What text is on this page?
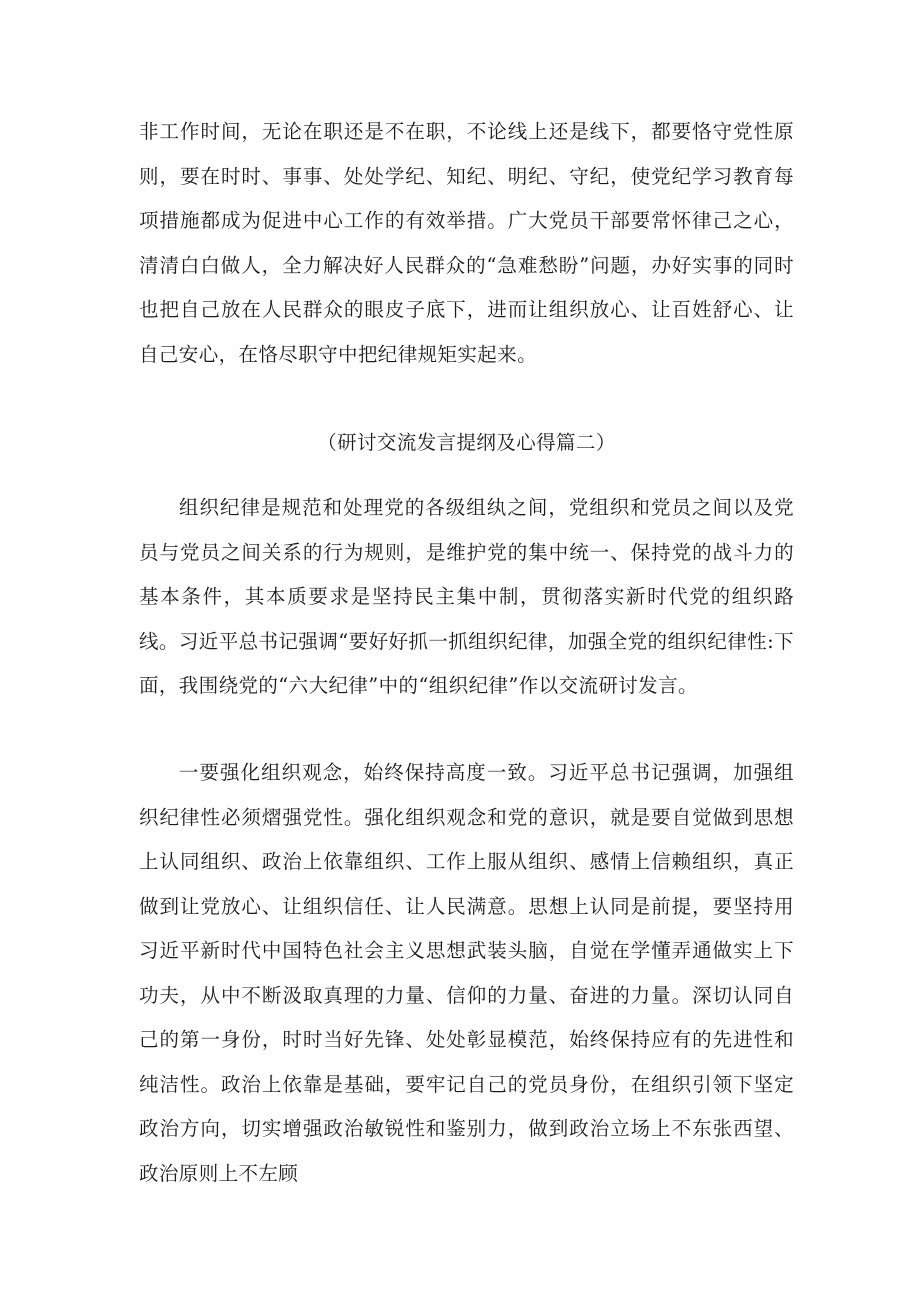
非工作时间，无论在职还是不在职，不论线上还是线下，都要恪守党性原则，要在时时、事事、处处学纪、知纪、明纪、守纪，使党纪学习教育每项措施都成为促进中心工作的有效举措。广大党员干部要常怀律己之心，清清白白做人，全力解决好人民群众的“急难愁盼”问题，办好实事的同时也把自己放在人民群众的眼皮子底下，进而让组织放心、让百姓舒心、让自己安心，在恪尽职守中把纪律规矩实起来。

（研讨交流发言提纲及心得篇二）

组织纪律是规范和处理党的各级组纨之间，党组织和党员之间以及党员与党员之间关系的行为规则，是维护党的集中统一、保持党的战斗力的基本条件，其本质要求是坚持民主集中制，贯彻落实新时代党的组织路线。习近平总书记强调“要好好抓一抓组织纪律，加强全党的组织纪律性:下面，我围绕党的“六大纪律”中的“组织纪律”作以交流研讨发言。

一要强化组织观念，始终保持高度一致。习近平总书记强调，加强组织纪律性必须熠强党性。强化组织观念和党的意识，就是要自觉做到思想上认同组织、政治上依靠组织、工作上服从组织、感情上信赖组织，真正做到让党放心、让组织信任、让人民满意。思想上认同是前提，要坚持用习近平新时代中国特色社会主义思想武装头脑，自觉在学懂弄通做实上下功夫，从中不断汲取真理的力量、信仰的力量、奋进的力量。深切认同自己的第一身份，时时当好先锋、处处彰显模范，始终保持应有的先进性和纯洁性。政治上依靠是基础，要牢记自己的党员身份，在组织引领下坚定政治方向，切实增强政治敏锐性和鉴别力，做到政治立场上不东张西望、政治原则上不左顾
